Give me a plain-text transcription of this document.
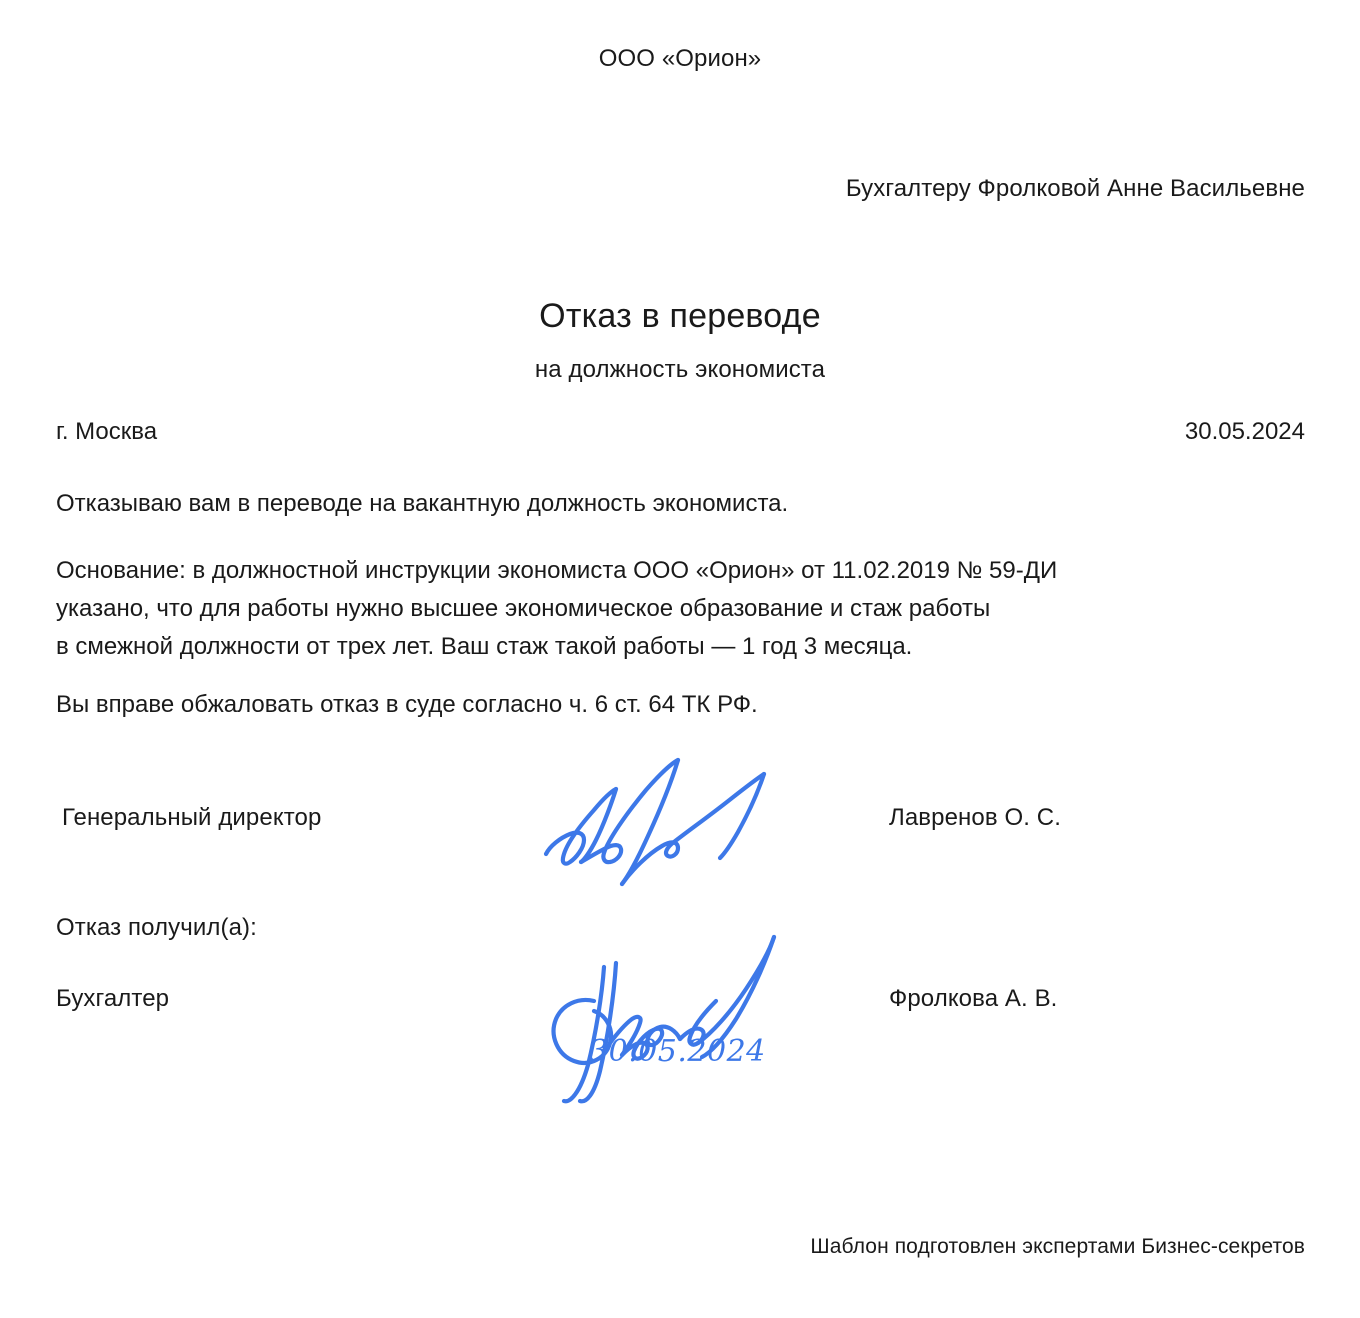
ООО «Орион»
Бухгалтеру Фролковой Анне Васильевне
Отказ в переводе
на должность экономиста
г. Москва	30.05.2024
Отказываю вам в переводе на вакантную должность экономиста.
Основание: в должностной инструкции экономиста ООО «Орион» от 11.02.2019 № 59-ДИ
указано, что для работы нужно высшее экономическое образование и стаж работы
в смежной должности от трех лет. Ваш стаж такой работы — 1 год 3 месяца.
Вы вправе обжаловать отказ в суде согласно ч. 6 ст. 64 ТК РФ.
Генеральный директор	Лавренов О. С.
Отказ получил(а):
Бухгалтер
30.05.2024
Фролкова А. В.
Шаблон подготовлен экспертами Бизнес-секретов
